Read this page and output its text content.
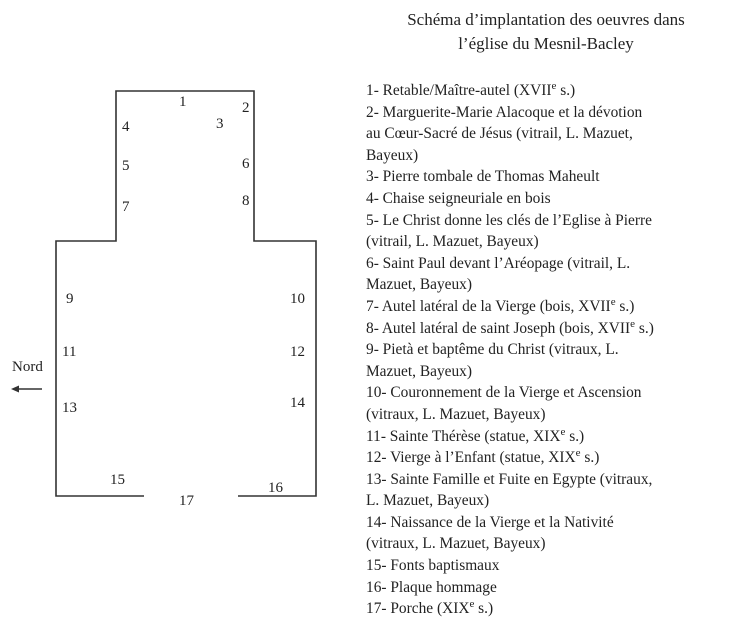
Nord
1	2
3
4
5	6
7	8
9	10
11	12
13	14
15	16
17
Schéma d’implantation des oeuvres dans
l’église du Mesnil-Bacley
1- Retable/Maître-autel (XVIIe s.)
2- Marguerite-Marie Alacoque et la dévotion
au Cœur-Sacré de Jésus (vitrail, L. Mazuet,
Bayeux)
3- Pierre tombale de Thomas Maheult
4- Chaise seigneuriale en bois
5- Le Christ donne les clés de l’Eglise à Pierre
(vitrail, L. Mazuet, Bayeux)
6- Saint Paul devant l’Aréopage (vitrail, L.
Mazuet, Bayeux)
7- Autel latéral de la Vierge (bois, XVIIe s.)
8- Autel latéral de saint Joseph (bois, XVIIe s.)
9- Pietà et baptême du Christ (vitraux, L.
Mazuet, Bayeux)
10- Couronnement de la Vierge et Ascension
(vitraux, L. Mazuet, Bayeux)
11- Sainte Thérèse (statue, XIXe s.)
12- Vierge à l’Enfant (statue, XIXe s.)
13- Sainte Famille et Fuite en Egypte (vitraux,
L. Mazuet, Bayeux)
14- Naissance de la Vierge et la Nativité
(vitraux, L. Mazuet, Bayeux)
15- Fonts baptismaux
16- Plaque hommage
17- Porche (XIXe s.)
